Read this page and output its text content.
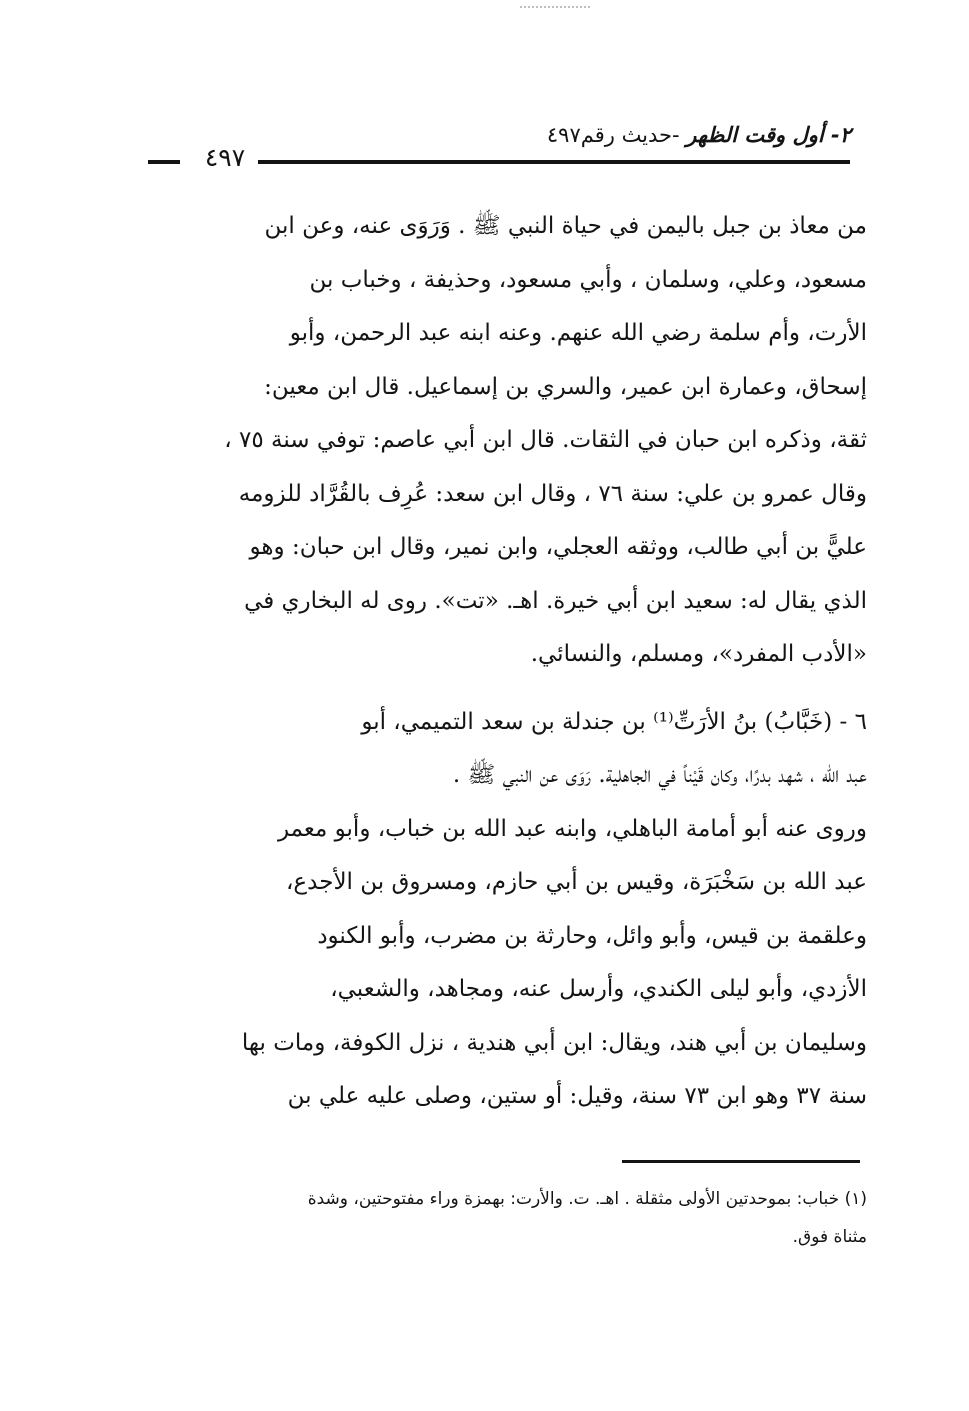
٢- أول وقت الظهر -حديث رقم٤٩٧
٤٩٧
من معاذ بن جبل باليمن في حياة النبي ﷺ . وَرَوَى عنه، وعن ابن
مسعود، وعلي، وسلمان ، وأبي مسعود، وحذيفة ، وخباب بن
الأرت، وأم سلمة رضي الله عنهم. وعنه ابنه عبد الرحمن، وأبو
إسحاق، وعمارة ابن عمير، والسري بن إسماعيل. قال ابن معين:
ثقة، وذكره ابن حبان في الثقات. قال ابن أبي عاصم: توفي سنة ٧٥ ،
وقال عمرو بن علي: سنة ٧٦ ، وقال ابن سعد: عُرِف بالقُرَّاد للزومه
عليًّ بن أبي طالب، ووثقه العجلي، وابن نمير، وقال ابن حبان: وهو
الذي يقال له: سعيد ابن أبي خيرة. اهـ. «تت». روى له البخاري في
«الأدب المفرد»، ومسلم، والنسائي.
٦ - (خَبَّابُ) بنُ الأرَتِّ⁽¹⁾ بن جندلة بن سعد التميمي، أبو
عبد الله ، شهد بدرًا، وكان قَيْناً في الجاهلية. رَوَى عن النبي ﷺ .
وروى عنه أبو أمامة الباهلي، وابنه عبد الله بن خباب، وأبو معمر
عبد الله بن سَخْبَرَة، وقيس بن أبي حازم، ومسروق بن الأجدع،
وعلقمة بن قيس، وأبو وائل، وحارثة بن مضرب، وأبو الكنود
الأزدي، وأبو ليلى الكندي، وأرسل عنه، ومجاهد، والشعبي،
وسليمان بن أبي هند، ويقال: ابن أبي هندية ، نزل الكوفة، ومات بها
سنة ٣٧ وهو ابن ٧٣ سنة، وقيل: أو ستين، وصلى عليه علي بن
(١) خباب: بموحدتين الأولى مثقلة . اهـ. ت. والأرت: بهمزة وراء مفتوحتين، وشدة
مثناة فوق.
